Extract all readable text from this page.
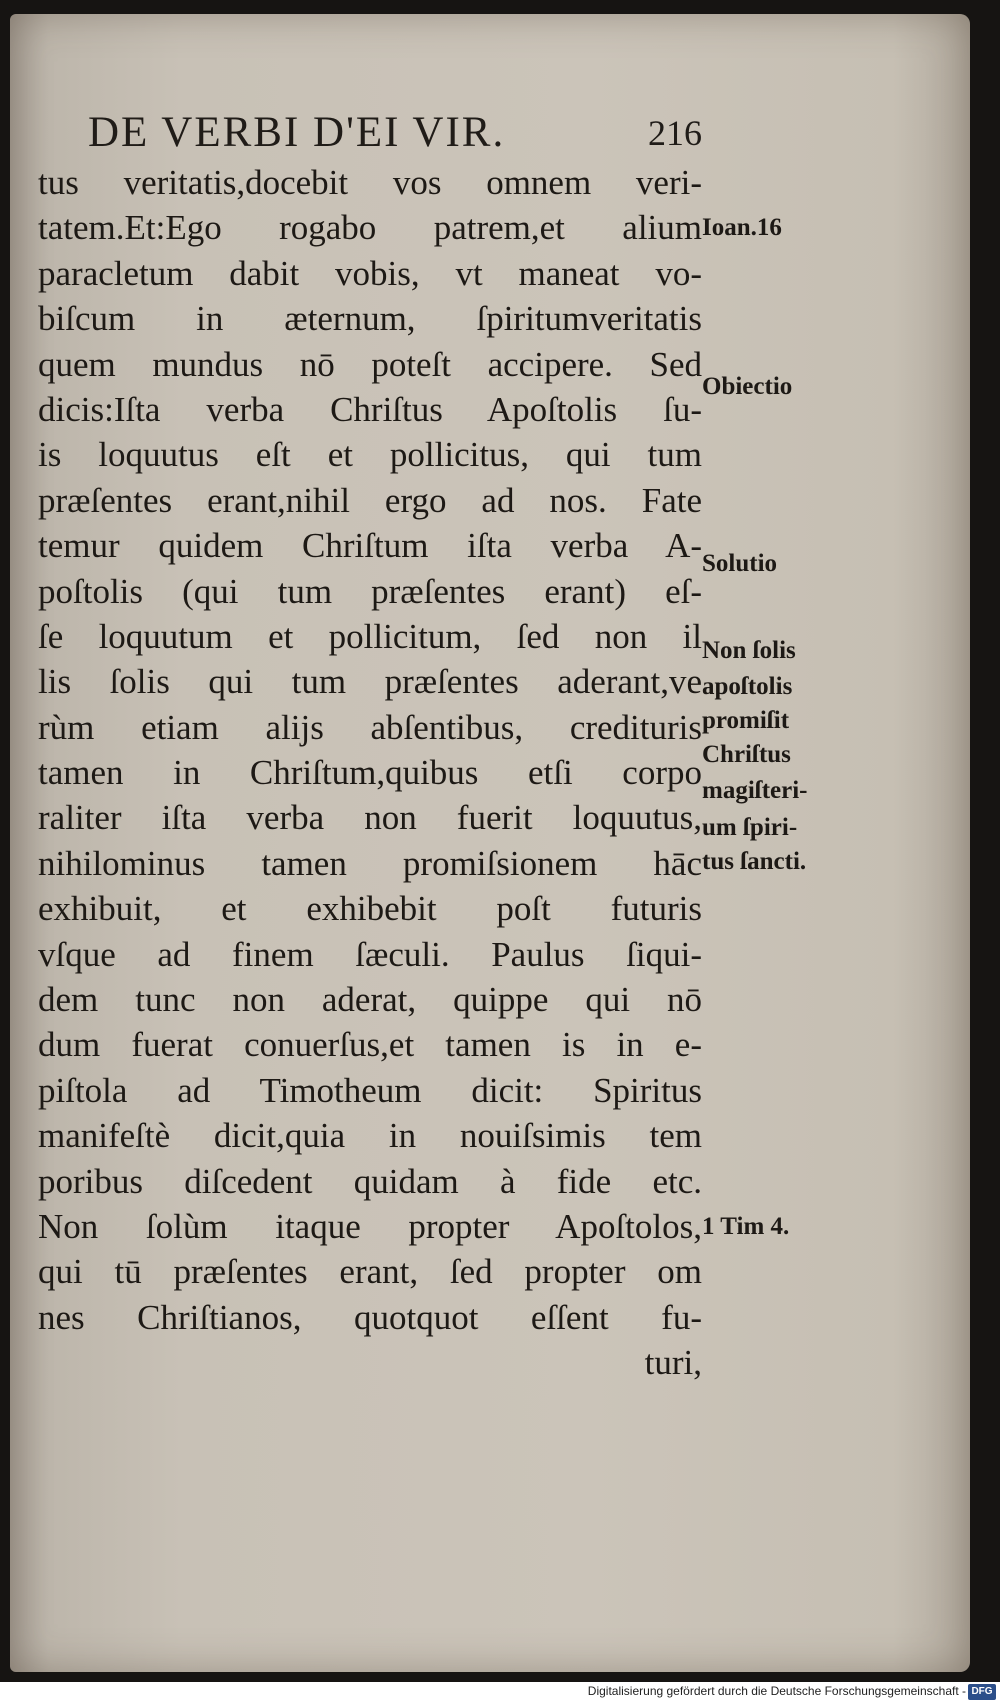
DE VERBI D'EI VIR.	216
tus veritatis,docebit vos omnem veri-
tatem.Et:Ego rogabo patrem,et alium
paracletum dabit vobis, vt maneat vo-
biſcum in æternum, ſpiritumveritatis
quem mundus nō poteſt accipere. Sed
dicis:Iſta verba Chriſtus Apoſtolis ſu-
is loquutus eſt et pollicitus, qui tum
præſentes erant,nihil ergo ad nos. Fate
temur quidem Chriſtum iſta verba A-
poſtolis (qui tum præſentes erant) eſ-
ſe loquutum et pollicitum, ſed non il
lis ſolis qui tum præſentes aderant,ve
rùm etiam alijs abſentibus, credituris
tamen in Chriſtum,quibus etſi corpo
raliter iſta verba non fuerit loquutus,
nihilominus tamen promiſsionem hāc
exhibuit, et exhibebit poſt futuris
vſque ad finem ſæculi. Paulus ſiqui-
dem tunc non aderat, quippe qui nō
dum fuerat conuerſus,et tamen is in e-
piſtola ad Timotheum dicit: Spiritus
manifeſtè dicit,quia in nouiſsimis tem
poribus diſcedent quidam à fide etc.
Non ſolùm itaque propter Apoſtolos,
qui tū præſentes erant, ſed propter om
nes Chriſtianos, quotquot eſſent fu-
turi,
Ioan.16
Obiectio
Solutio
Non ſolis
apoſtolis
promiſit
Chriſtus
magiſteri-
um ſpiri-
tus ſancti.
1 Tim 4.
Digitalisierung gefördert durch die Deutsche Forschungsgemeinschaft - DFG
